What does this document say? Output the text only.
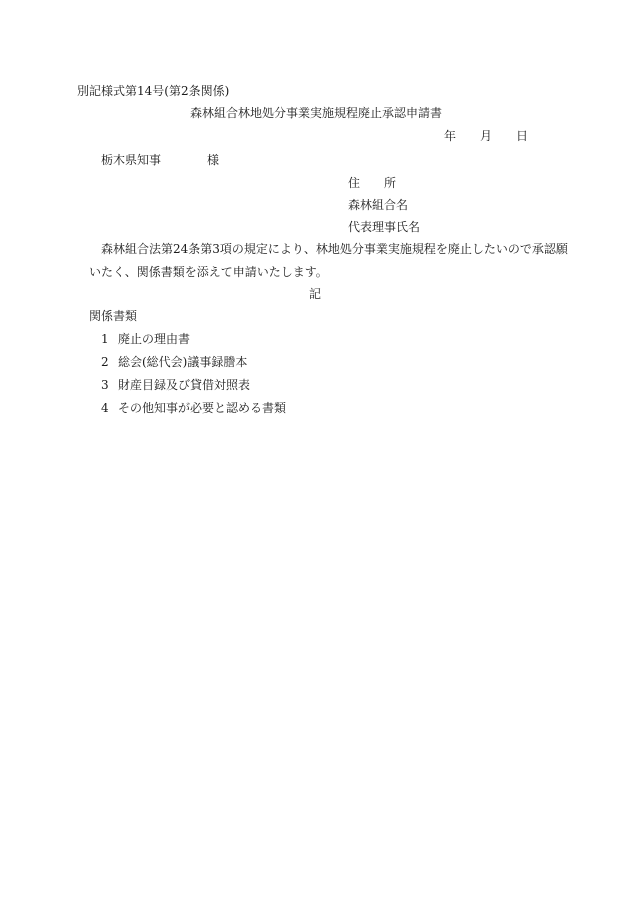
別記様式第14号(第2条関係)
森林組合林地処分事業実施規程廃止承認申請書
年 月 日
栃木県知事	様
住　　所
森林組合名
代表理事氏名
森林組合法第24条第3項の規定により、林地処分事業実施規程を廃止したいので承認願
いたく、関係書類を添えて申請いたします。
記
関係書類
1 廃止の理由書
2 総会(総代会)議事録謄本
3 財産目録及び貸借対照表
4 その他知事が必要と認める書類
